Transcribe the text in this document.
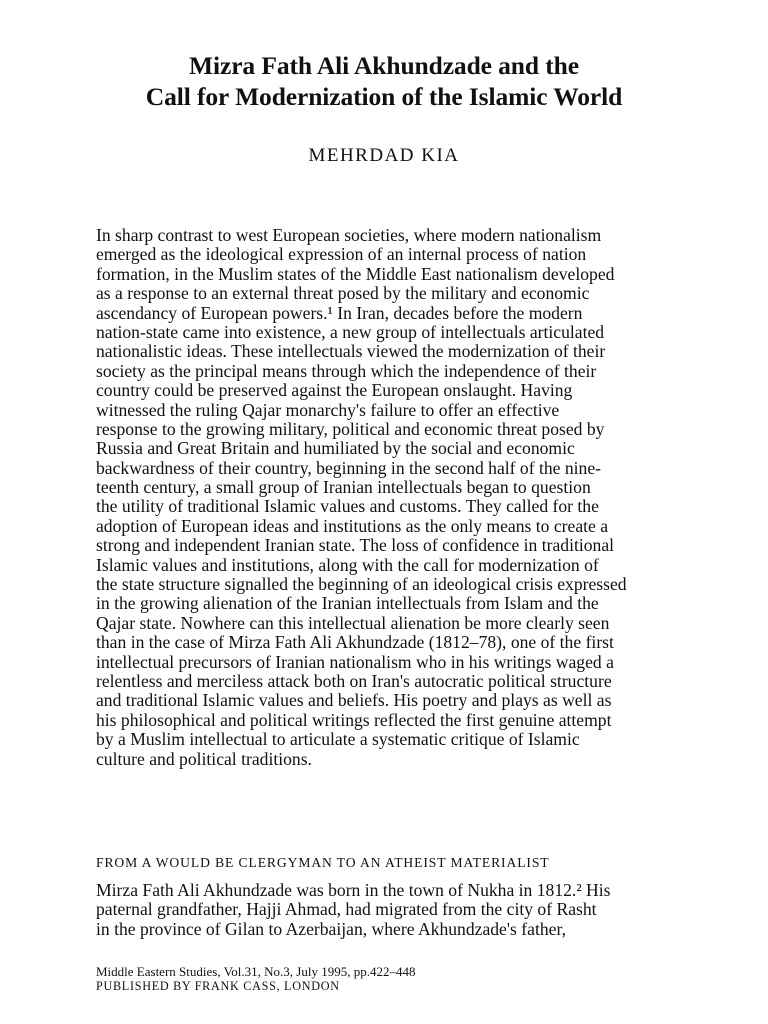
Mizra Fath Ali Akhundzade and the
Call for Modernization of the Islamic World
MEHRDAD KIA
In sharp contrast to west European societies, where modern nationalism
emerged as the ideological expression of an internal process of nation
formation, in the Muslim states of the Middle East nationalism developed
as a response to an external threat posed by the military and economic
ascendancy of European powers.¹ In Iran, decades before the modern
nation-state came into existence, a new group of intellectuals articulated
nationalistic ideas. These intellectuals viewed the modernization of their
society as the principal means through which the independence of their
country could be preserved against the European onslaught. Having
witnessed the ruling Qajar monarchy's failure to offer an effective
response to the growing military, political and economic threat posed by
Russia and Great Britain and humiliated by the social and economic
backwardness of their country, beginning in the second half of the nine-
teenth century, a small group of Iranian intellectuals began to question
the utility of traditional Islamic values and customs. They called for the
adoption of European ideas and institutions as the only means to create a
strong and independent Iranian state. The loss of confidence in traditional
Islamic values and institutions, along with the call for modernization of
the state structure signalled the beginning of an ideological crisis expressed
in the growing alienation of the Iranian intellectuals from Islam and the
Qajar state. Nowhere can this intellectual alienation be more clearly seen
than in the case of Mirza Fath Ali Akhundzade (1812–78), one of the first
intellectual precursors of Iranian nationalism who in his writings waged a
relentless and merciless attack both on Iran's autocratic political structure
and traditional Islamic values and beliefs. His poetry and plays as well as
his philosophical and political writings reflected the first genuine attempt
by a Muslim intellectual to articulate a systematic critique of Islamic
culture and political traditions.
FROM A WOULD BE CLERGYMAN TO AN ATHEIST MATERIALIST
Mirza Fath Ali Akhundzade was born in the town of Nukha in 1812.² His
paternal grandfather, Hajji Ahmad, had migrated from the city of Rasht
in the province of Gilan to Azerbaijan, where Akhundzade's father,
Middle Eastern Studies, Vol.31, No.3, July 1995, pp.422–448
PUBLISHED BY FRANK CASS, LONDON
